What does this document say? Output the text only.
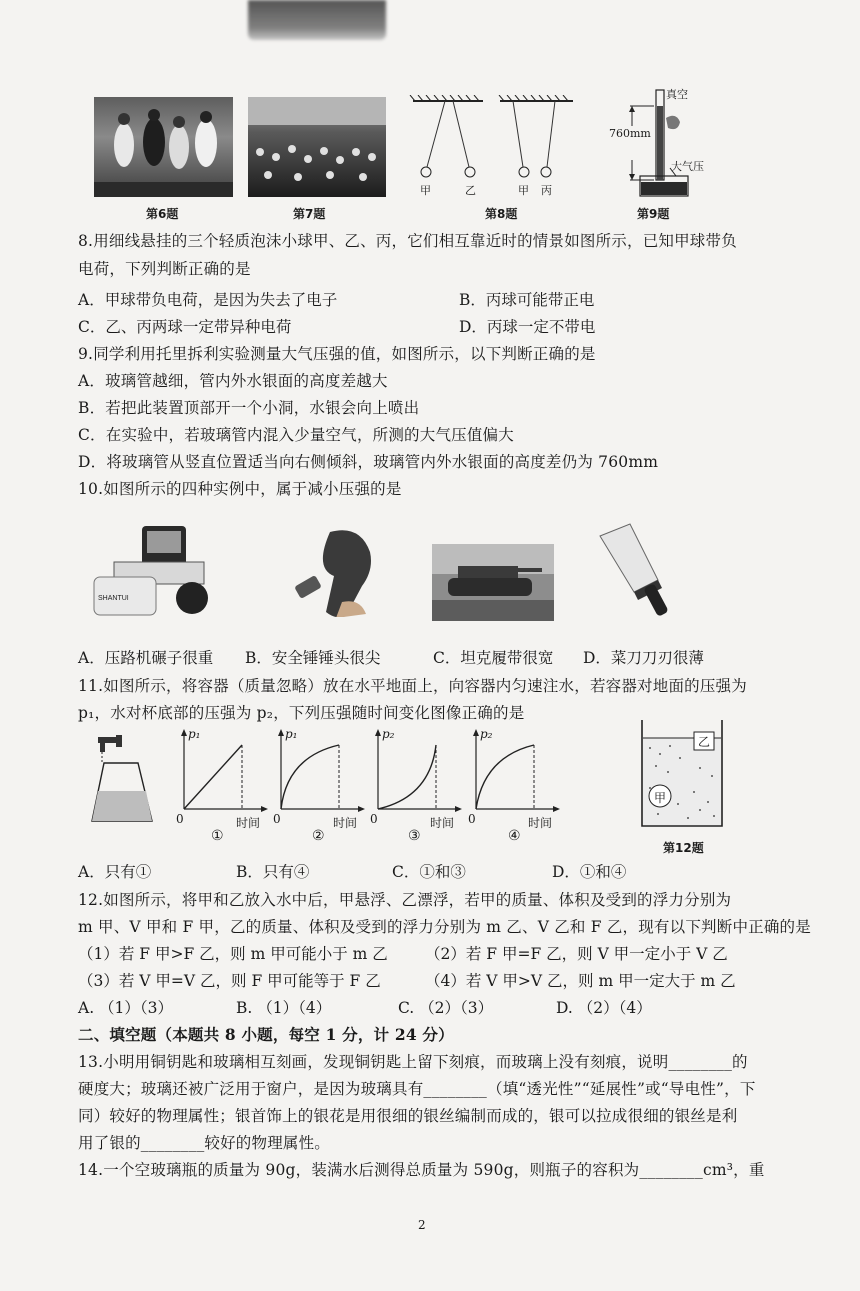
第6题	第7题
甲	乙	甲 丙
第8题
真空
760mm
大气压
第9题
8.用细线悬挂的三个轻质泡沫小球甲、乙、丙，它们相互靠近时的情景如图所示，已知甲球带负
电荷，下列判断正确的是
A．甲球带负电荷，是因为失去了电子	B．丙球可能带正电
C．乙、丙两球一定带异种电荷	D．丙球一定不带电
9.同学利用托里拆利实验测量大气压强的值，如图所示，以下判断正确的是
A．玻璃管越细，管内外水银面的高度差越大
B．若把此装置顶部开一个小洞，水银会向上喷出
C．在实验中，若玻璃管内混入少量空气，所测的大气压值偏大
D．将玻璃管从竖直位置适当向右侧倾斜，玻璃管内外水银面的高度差仍为 760mm
10.如图所示的四种实例中，属于减小压强的是
SHANTUI
A．压路机碾子很重 B．安全锤锤头很尖	C．坦克履带很宽 D．菜刀刀刃很薄
11.如图所示，将容器（质量忽略）放在水平地面上，向容器内匀速注水，若容器对地面的压强为
p₁，水对杯底部的压强为 p₂，下列压强随时间变化图像正确的是
p₁
0	时间
①
p₁
0	时间
②
p₂
0	时间
③
p₂
0	时间
④
乙
甲
第12题
A．只有①	B．只有④	C．①和③	D．①和④
12.如图所示，将甲和乙放入水中后，甲悬浮、乙漂浮，若甲的质量、体积及受到的浮力分别为
m 甲、V 甲和 F 甲，乙的质量、体积及受到的浮力分别为 m 乙、V 乙和 F 乙，现有以下判断中正确的是
（1）若 F 甲>F 乙，则 m 甲可能小于 m 乙 （2）若 F 甲=F 乙，则 V 甲一定小于 V 乙
（3）若 V 甲=V 乙，则 F 甲可能等于 F 乙	（4）若 V 甲>V 乙，则 m 甲一定大于 m 乙
A. （1）（3）	B. （1）（4）	C. （2）（3）	D. （2）（4）
二、填空题（本题共 8 小题，每空 1 分，计 24 分）
13.小明用铜钥匙和玻璃相互刻画，发现铜钥匙上留下刻痕，而玻璃上没有刻痕，说明________的
硬度大；玻璃还被广泛用于窗户，是因为玻璃具有________（填“透光性”“延展性”或“导电性”，下
同）较好的物理属性；银首饰上的银花是用很细的银丝编制而成的，银可以拉成很细的银丝是利
用了银的________较好的物理属性。
14.一个空玻璃瓶的质量为 90g，装满水后测得总质量为 590g，则瓶子的容积为________cm³，重
2
